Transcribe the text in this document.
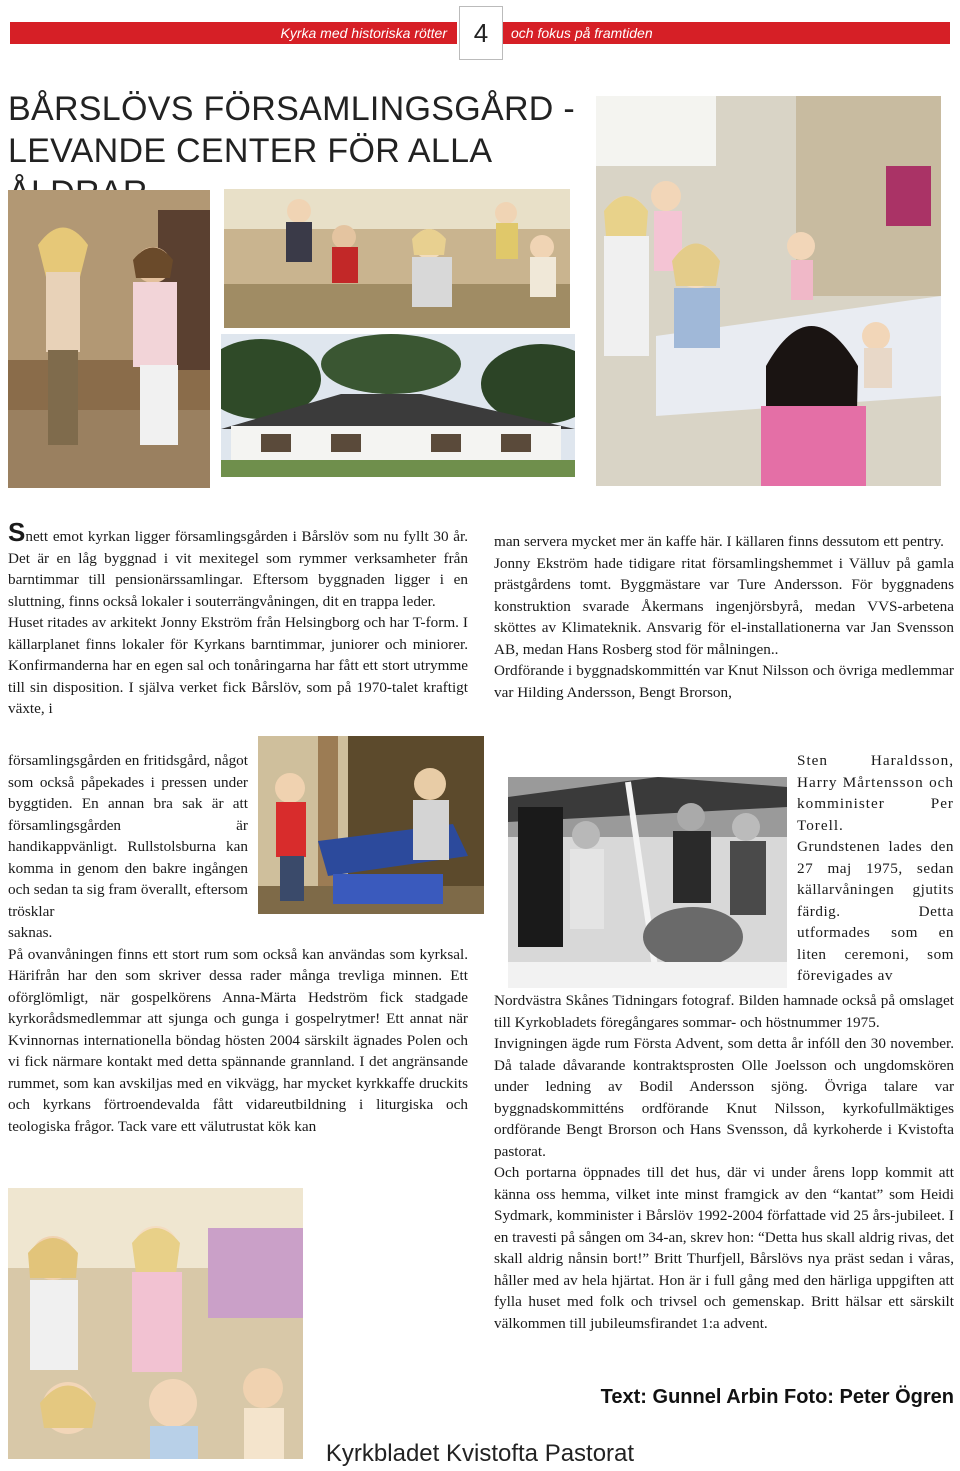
Kyrka med historiska rötter	4	och fokus på framtiden
BÅRSLÖVS FÖRSAMLINGSGÅRD -
LEVANDE CENTER FÖR ALLA

Snett emot kyrkan ligger församlingsgården i Bårslöv som nu fyllt 30 år. Det är en låg byggnad i vit mexitegel som rymmer verksamheter från barntimmar till pensionärssamlingar. Eftersom byggnaden ligger i en sluttning, finns också lokaler i souterrängvåningen, dit en trappa leder.

Huset ritades av arkitekt Jonny Ekström från Helsingborg och har T-form. I källarplanet finns lokaler för Kyrkans barntimmar, juniorer och miniorer. Konfirmanderna har en egen sal och tonåringarna har fått ett stort utrymme till sin disposition. I själva verket fick Bårslöv, som på 1970-talet kraftigt växte, i

församlingsgården en fritidsgård, något som också påpekades i pressen under byggtiden. En annan bra sak är att församlingsgården är handikappvänligt. Rullstolsburna kan komma in genom den bakre ingången och sedan ta sig fram överallt, eftersom trösklar

saknas.

På ovanvåningen finns ett stort rum som också kan användas som kyrksal. Härifrån har den som skriver dessa rader många trevliga minnen. Ett oförglömligt, när gospelkörens Anna-Märta Hedström fick stadgade kyrkorådsmedlemmar att sjunga och gunga i gospelrytmer! Ett annat när Kvinnornas internationella böndag hösten 2004 särskilt ägnades Polen och vi fick närmare kontakt med detta spännande grannland. I det angränsande rummet, som kan avskiljas med en vikvägg, har mycket kyrkkaffe druckits och kyrkans förtroendevalda fått vidareutbildning i liturgiska och teologiska frågor. Tack vare ett välutrustat kök kan

man servera mycket mer än kaffe här. I källaren finns dessutom ett pentry.

Jonny Ekström hade tidigare ritat församlingshemmet i Välluv på gamla prästgårdens tomt. Byggmästare var Ture Andersson. För byggnadens konstruktion svarade Åkermans ingenjörsbyrå, medan VVS-arbetena sköttes av Klimateknik. Ansvarig för el-installationerna var Jan Svensson AB, medan Hans Rosberg stod för målningen..

Ordförande i byggnadskommittén var Knut Nilsson och övriga medlemmar var Hilding Andersson, Bengt Brorson,

Sten Haraldsson, Harry Mårtensson och komminister Per Torell.

Grundstenen lades den 27 maj 1975, sedan källarvåningen gjutits färdig. Detta utformades som en liten ceremoni, som förevigades av

Nordvästra Skånes Tidningars fotograf. Bilden hamnade också på omslaget till Kyrkobladets föregångares sommar- och höstnummer 1975.

Invigningen ägde rum Första Advent, som detta år infóll den 30 november. Då talade dåvarande kontraktsprosten Olle Joelsson och ungdomskören under ledning av Bodil Andersson sjöng. Övriga talare var byggnadskommitténs ordförande Knut Nilsson, kyrkofullmäktiges ordförande Bengt Brorson och Hans Svensson, då kyrkoherde i Kvistofta pastorat.

Och portarna öppnades till det hus, där vi under årens lopp kommit att känna oss hemma, vilket inte minst framgick av den “kantat” som Heidi Sydmark, komminister i Bårslöv 1992-2004 författade vid 25 års-jubileet. I en travesti på sången om 34-an, skrev hon: “Detta hus skall aldrig rivas, det skall aldrig nånsin bort!” Britt Thurfjell, Bårslövs nya präst sedan i våras, håller med av hela hjärtat. Hon är i full gång med den härliga uppgiften att fylla huset med folk och trivsel och gemenskap. Britt hälsar ett särskilt välkommen till jubileumsfirandet 1:a advent.

Text: Gunnel Arbin Foto: Peter Ögren
Kyrkbladet Kvistofta Pastorat
